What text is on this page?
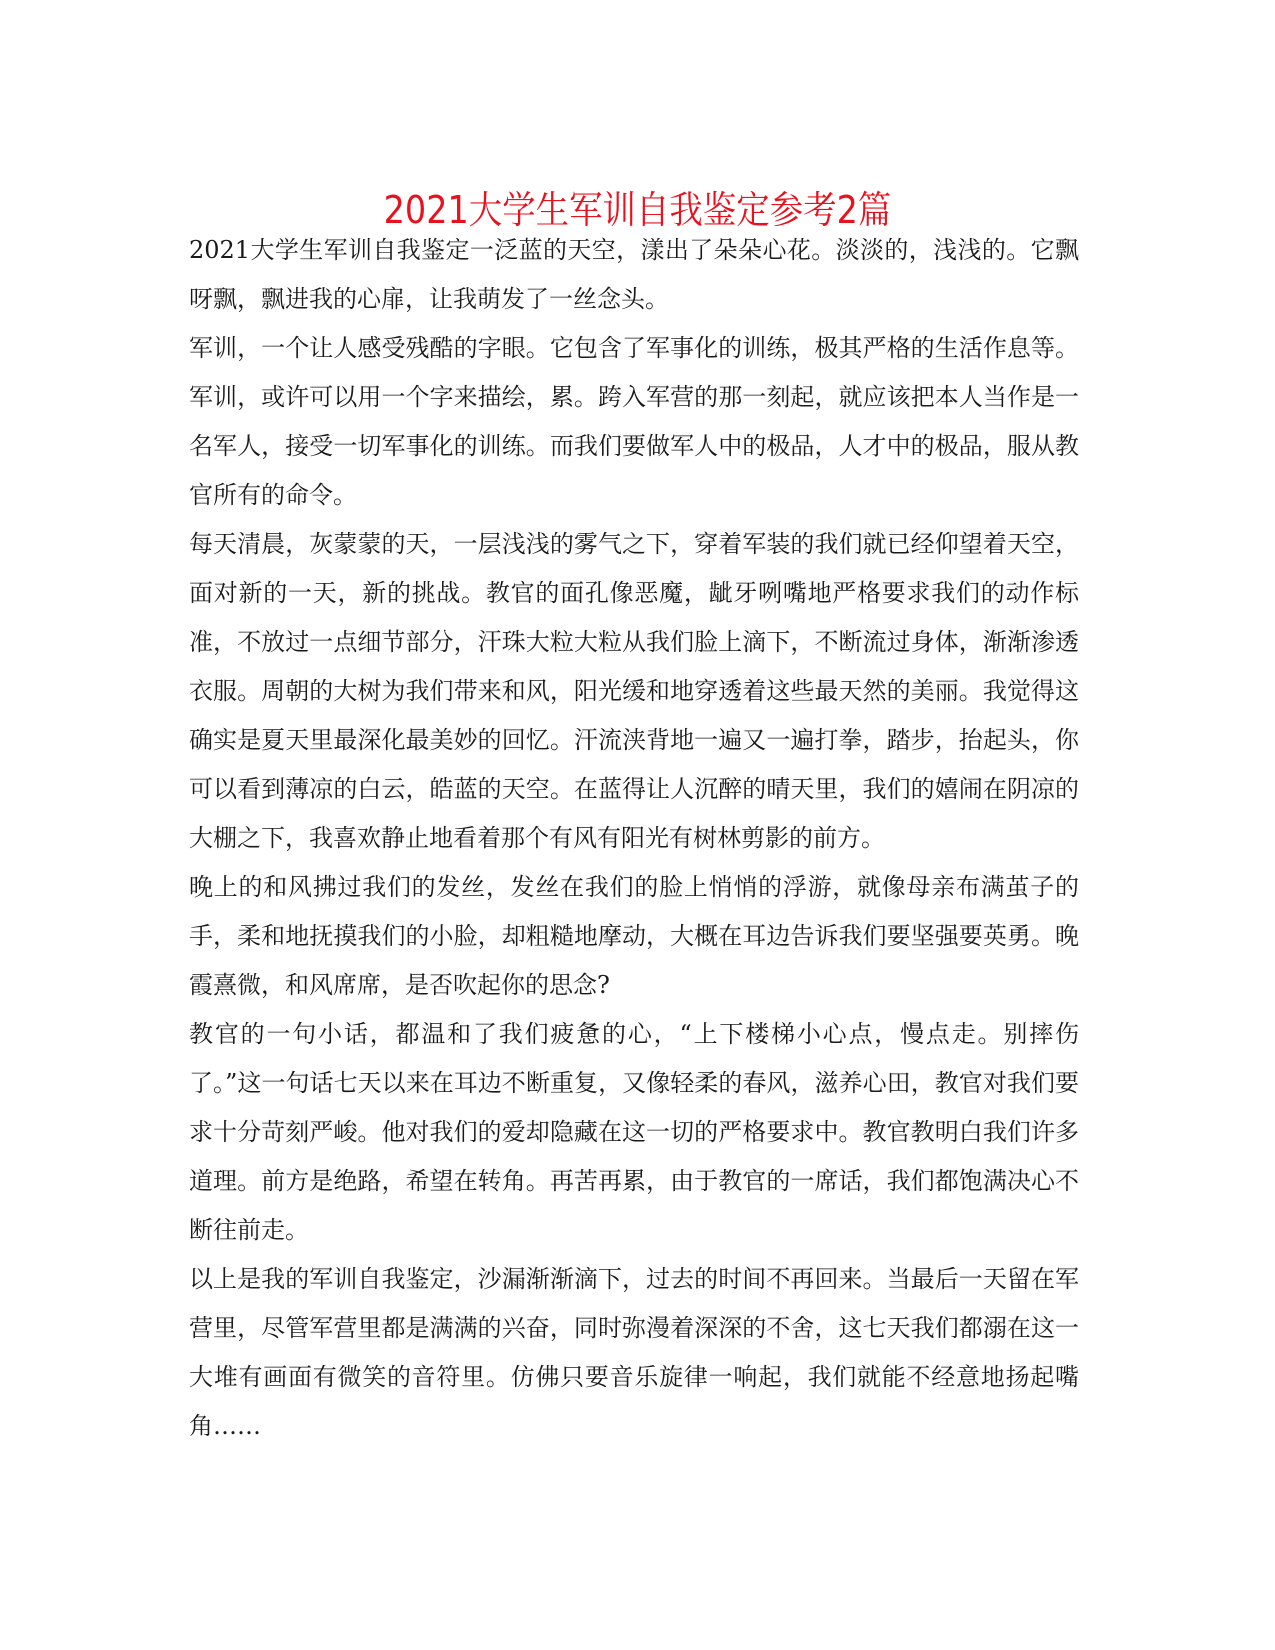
2021大学生军训自我鉴定参考2篇

2021大学生军训自我鉴定一泛蓝的天空，漾出了朵朵心花。淡淡的，浅浅的。它飘呀飘，飘进我的心扉，让我萌发了一丝念头。

军训，一个让人感受残酷的字眼。它包含了军事化的训练，极其严格的生活作息等。军训，或许可以用一个字来描绘，累。跨入军营的那一刻起，就应该把本人当作是一名军人，接受一切军事化的训练。而我们要做军人中的极品，人才中的极品，服从教官所有的命令。

每天清晨，灰蒙蒙的天，一层浅浅的雾气之下，穿着军装的我们就已经仰望着天空，面对新的一天，新的挑战。教官的面孔像恶魔，龇牙咧嘴地严格要求我们的动作标准，不放过一点细节部分，汗珠大粒大粒从我们脸上滴下，不断流过身体，渐渐渗透衣服。周朝的大树为我们带来和风，阳光缓和地穿透着这些最天然的美丽。我觉得这确实是夏天里最深化最美妙的回忆。汗流浃背地一遍又一遍打拳，踏步，抬起头，你可以看到薄凉的白云，皓蓝的天空。在蓝得让人沉醉的晴天里，我们的嬉闹在阴凉的大棚之下，我喜欢静止地看着那个有风有阳光有树林剪影的前方。

晚上的和风拂过我们的发丝，发丝在我们的脸上悄悄的浮游，就像母亲布满茧子的手，柔和地抚摸我们的小脸，却粗糙地摩动，大概在耳边告诉我们要坚强要英勇。晚霞熹微，和风席席，是否吹起你的思念?

教官的一句小话，都温和了我们疲惫的心，“上下楼梯小心点，慢点走。别摔伤了。”这一句话七天以来在耳边不断重复，又像轻柔的春风，滋养心田，教官对我们要求十分苛刻严峻。他对我们的爱却隐藏在这一切的严格要求中。教官教明白我们许多道理。前方是绝路，希望在转角。再苦再累，由于教官的一席话，我们都饱满决心不断往前走。

以上是我的军训自我鉴定，沙漏渐渐滴下，过去的时间不再回来。当最后一天留在军营里，尽管军营里都是满满的兴奋，同时弥漫着深深的不舍，这七天我们都溺在这一大堆有画面有微笑的音符里。仿佛只要音乐旋律一响起，我们就能不经意地扬起嘴角……
